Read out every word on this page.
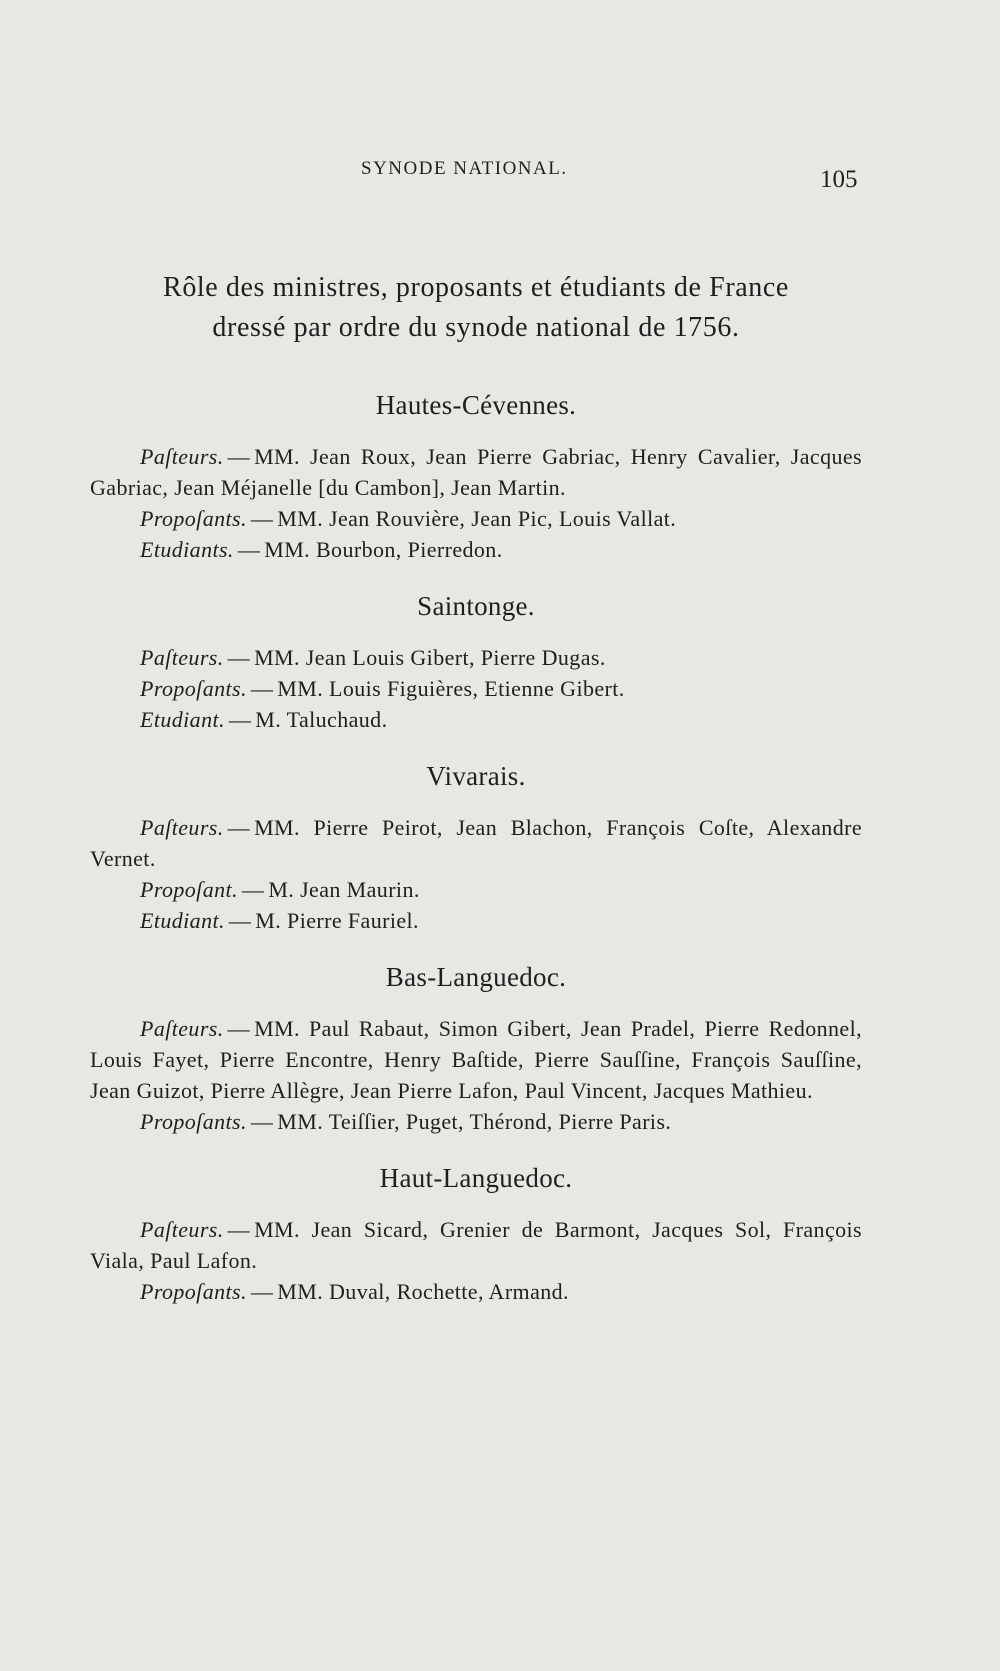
SYNODE NATIONAL.	105
Rôle des ministres, proposants et étudiants de France
dressé par ordre du synode national de 1756.
Hautes-Cévennes.

Paſteurs. — MM. Jean Roux, Jean Pierre Gabriac, Henry Cavalier, Jacques Gabriac, Jean Méjanelle [du Cambon], Jean Martin.

Propoſants. — MM. Jean Rouvière, Jean Pic, Louis Vallat.

Etudiants. — MM. Bourbon, Pierredon.

Saintonge.

Paſteurs. — MM. Jean Louis Gibert, Pierre Dugas.

Propoſants. — MM. Louis Figuières, Etienne Gibert.

Etudiant. — M. Taluchaud.

Vivarais.

Paſteurs. — MM. Pierre Peirot, Jean Blachon, François Coſte, Alexandre Vernet.

Propoſant. — M. Jean Maurin.

Etudiant. — M. Pierre Fauriel.

Bas-Languedoc.

Paſteurs. — MM. Paul Rabaut, Simon Gibert, Jean Pradel, Pierre Redonnel, Louis Fayet, Pierre Encontre, Henry Baſtide, Pierre Sauſſine, François Sauſſine, Jean Guizot, Pierre Allègre, Jean Pierre Lafon, Paul Vincent, Jacques Mathieu.

Propoſants. — MM. Teiſſier, Puget, Thérond, Pierre Paris.

Haut-Languedoc.

Paſteurs. — MM. Jean Sicard, Grenier de Barmont, Jacques Sol, François Viala, Paul Lafon.

Propoſants. — MM. Duval, Rochette, Armand.
